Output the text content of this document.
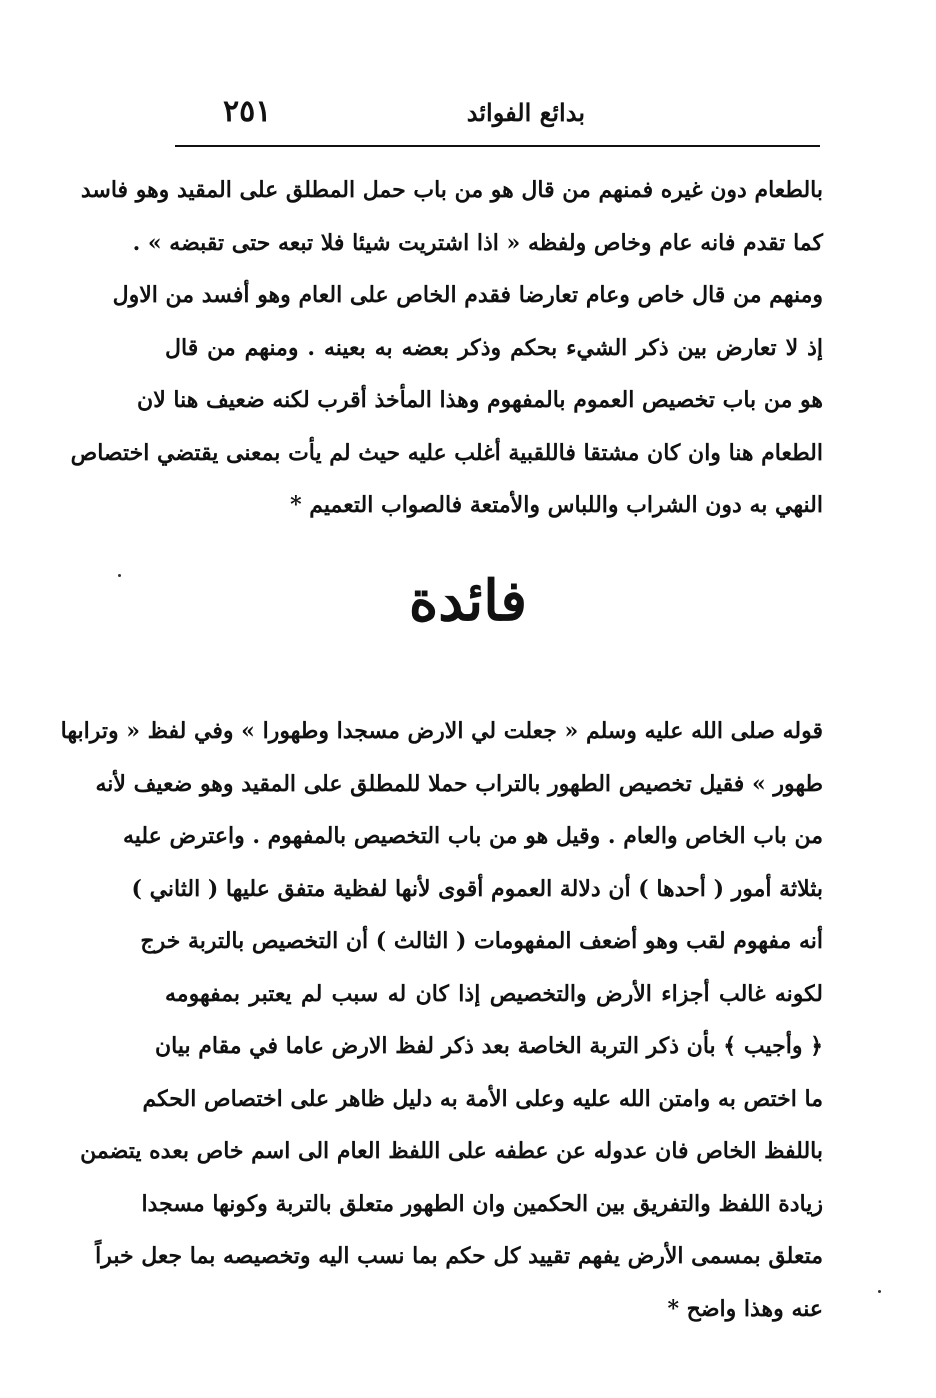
بدائع الفوائد
٢٥١
بالطعام دون غيره فمنهم من قال هو من باب حمل المطلق على المقيد وهو فاسد
كما تقدم فانه عام وخاص ولفظه « اذا اشتريت شيئا فلا تبعه حتى تقبضه » .
ومنهم من قال خاص وعام تعارضا فقدم الخاص على العام وهو أفسد من الاول
إذ لا تعارض بين ذكر الشيء بحكم وذكر بعضه به بعينه . ومنهم من قال
هو من باب تخصيص العموم بالمفهوم وهذا المأخذ أقرب لكنه ضعيف هنا لان
الطعام هنا وان كان مشتقا فاللقبية أغلب عليه حيث لم يأت بمعنى يقتضي اختصاص
النهي به دون الشراب واللباس والأمتعة فالصواب التعميم *
فائدة
قوله صلى الله عليه وسلم « جعلت لي الارض مسجدا وطهورا » وفي لفظ « وترابها
طهور » فقيل تخصيص الطهور بالتراب حملا للمطلق على المقيد وهو ضعيف لأنه
من باب الخاص والعام . وقيل هو من باب التخصيص بالمفهوم . واعترض عليه
بثلاثة أمور ( أحدها ) أن دلالة العموم أقوى لأنها لفظية متفق عليها ( الثاني )
أنه مفهوم لقب وهو أضعف المفهومات ( الثالث ) أن التخصيص بالتربة خرج
لكونه غالب أجزاء الأرض والتخصيص إذا كان له سبب لم يعتبر بمفهومه
﴿ وأجيب ﴾ بأن ذكر التربة الخاصة بعد ذكر لفظ الارض عاما في مقام بيان
ما اختص به وامتن الله عليه وعلى الأمة به دليل ظاهر على اختصاص الحكم
باللفظ الخاص فان عدوله عن عطفه على اللفظ العام الى اسم خاص بعده يتضمن
زيادة اللفظ والتفريق بين الحكمين وان الطهور متعلق بالتربة وكونها مسجدا
متعلق بمسمى الأرض يفهم تقييد كل حكم بما نسب اليه وتخصيصه بما جعل خبراً
عنه وهذا واضح *
